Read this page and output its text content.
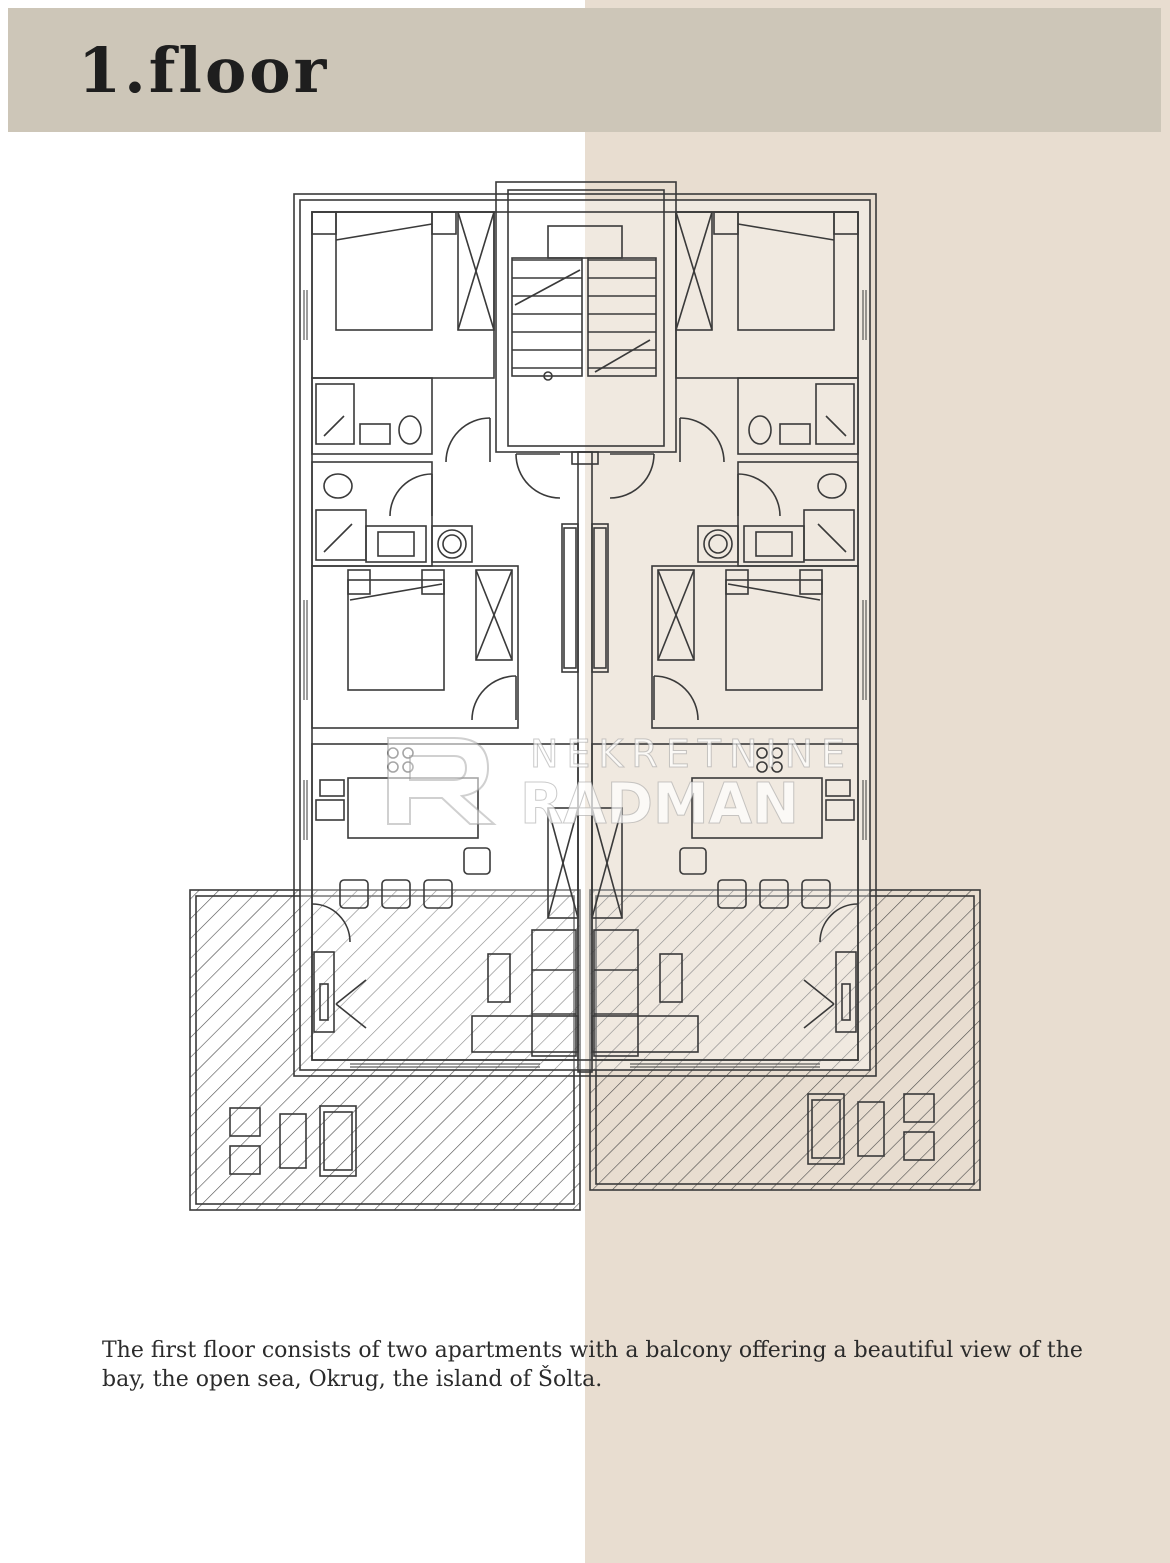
1.floor

NEKRETNINE

RADMAN

The first floor consists of two apartments with a balcony offering a beautiful view of the bay, the open sea, Okrug, the island of Šolta.
